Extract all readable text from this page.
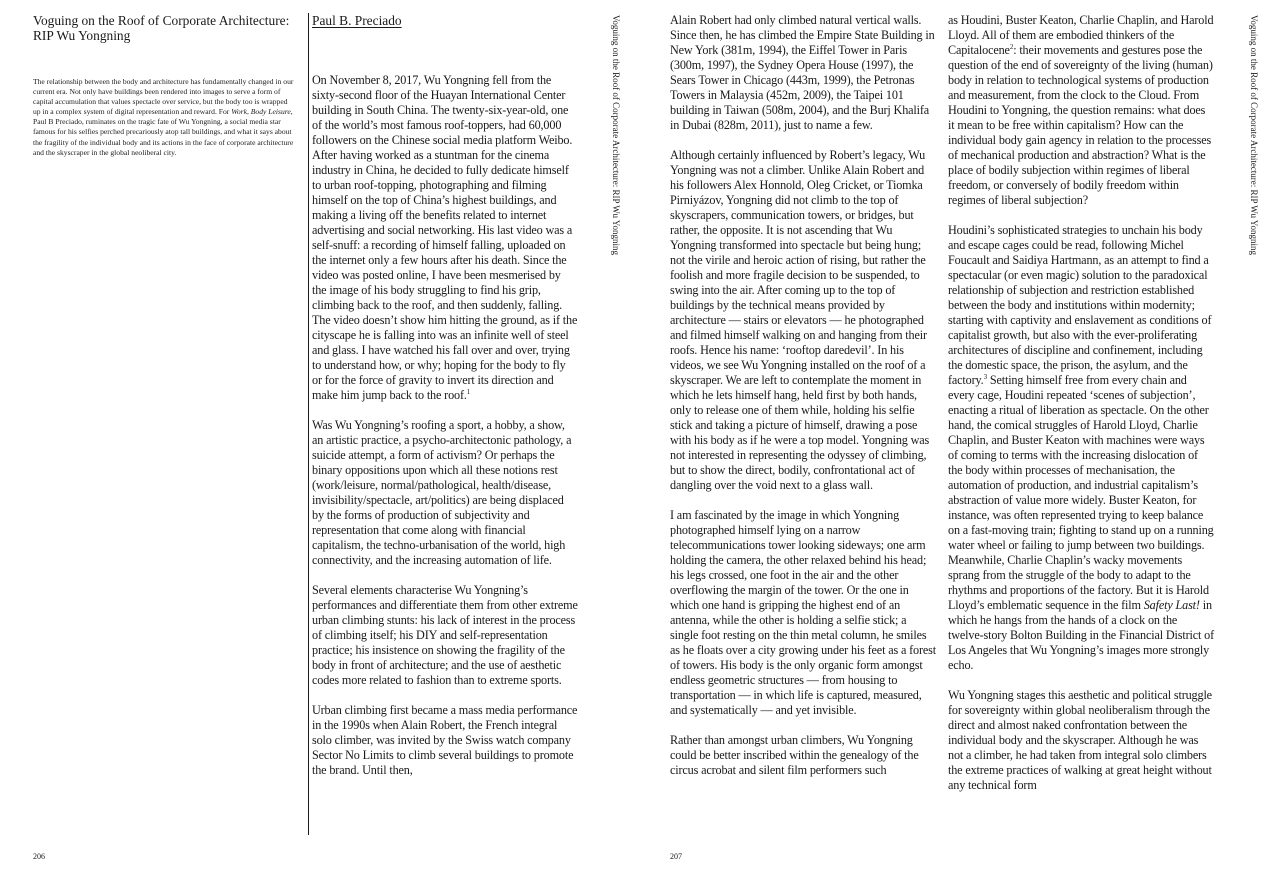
Voguing on the Roof of Corporate Architecture: RIP Wu Yongning
The relationship between the body and architecture has fundamentally changed in our current era. Not only have buildings been rendered into images to serve a form of capital accumulation that values spectacle over service, but the body too is wrapped up in a complex system of digital representation and reward. For Work, Body Leisure, Paul B Preciado, ruminates on the tragic fate of Wu Yongning, a social media star famous for his selfies perched precariously atop tall buildings, and what it says about the fragility of the individual body and its actions in the face of corporate architecture and the skyscraper in the global neoliberal city.
Paul B. Preciado

On November 8, 2017, Wu Yongning fell from the sixty-second floor of the Huayan International Center building in South China. The twenty-six-year-old, one of the world’s most famous roof-toppers, had 60,000 followers on the Chinese social media platform Weibo. After having worked as a stuntman for the cinema industry in China, he decided to fully dedicate himself to urban roof-topping, photographing and filming himself on the top of China’s highest buildings, and making a living off the benefits related to internet advertising and social networking. His last video was a self-snuff: a recording of himself falling, uploaded on the internet only a few hours after his death. Since the video was posted online, I have been mesmerised by the image of his body struggling to find his grip, climbing back to the roof, and then suddenly, falling. The video doesn’t show him hitting the ground, as if the cityscape he is falling into was an infinite well of steel and glass. I have watched his fall over and over, trying to understand how, or why; hoping for the body to fly or for the force of gravity to invert its direction and make him jump back to the roof.$^1$

Was Wu Yongning’s roofing a sport, a hobby, a show, an artistic practice, a psycho-architectonic pathology, a suicide attempt, a form of activism? Or perhaps the binary oppositions upon which all these notions rest (work/leisure, normal/pathological, health/disease, invisibility/spectacle, art/politics) are being displaced by the forms of production of subjectivity and representation that come along with financial capitalism, the techno-urbanisation of the world, high connectivity, and the increasing automation of life.

Several elements characterise Wu Yongning’s performances and differentiate them from other extreme urban climbing stunts: his lack of interest in the process of climbing itself; his DIY and self-representation practice; his insistence on showing the fragility of the body in front of architecture; and the use of aesthetic codes more related to fashion than to extreme sports.

Urban climbing first became a mass media performance in the 1990s when Alain Robert, the French integral solo climber, was invited by the Swiss watch company Sector No Limits to climb several buildings to promote the brand. Until then,

Voguing on the Roof of Corporate Architecture: RIP Wu Yongning
206

Alain Robert had only climbed natural vertical walls. Since then, he has climbed the Empire State Building in New York (381m, 1994), the Eiffel Tower in Paris (300m, 1997), the Sydney Opera House (1997), the Sears Tower in Chicago (443m, 1999), the Petronas Towers in Malaysia (452m, 2009), the Taipei 101 building in Taiwan (508m, 2004), and the Burj Khalifa in Dubai (828m, 2011), just to name a few.

Although certainly influenced by Robert’s legacy, Wu Yongning was not a climber. Unlike Alain Robert and his followers Alex Honnold, Oleg Cricket, or Tiomka Pirniyázov, Yongning did not climb to the top of skyscrapers, communication towers, or bridges, but rather, the opposite. It is not ascending that Wu Yongning transformed into spectacle but being hung; not the virile and heroic action of rising, but rather the foolish and more fragile decision to be suspended, to swing into the air. After coming up to the top of buildings by the technical means provided by architecture — stairs or elevators — he photographed and filmed himself walking on and hanging from their roofs. Hence his name: ‘rooftop daredevil’. In his videos, we see Wu Yongning installed on the roof of a skyscraper. We are left to contemplate the moment in which he lets himself hang, held first by both hands, only to release one of them while, holding his selfie stick and taking a picture of himself, drawing a pose with his body as if he were a top model. Yongning was not interested in representing the odyssey of climbing, but to show the direct, bodily, confrontational act of dangling over the void next to a glass wall.

I am fascinated by the image in which Yongning photographed himself lying on a narrow telecommunications tower looking sideways; one arm holding the camera, the other relaxed behind his head; his legs crossed, one foot in the air and the other overflowing the margin of the tower. Or the one in which one hand is gripping the highest end of an antenna, while the other is holding a selfie stick; a single foot resting on the thin metal column, he smiles as he floats over a city growing under his feet as a forest of towers. His body is the only organic form amongst endless geometric structures — from housing to transportation — in which life is captured, measured, and systematically — and yet invisible.

Rather than amongst urban climbers, Wu Yongning could be better inscribed within the genealogy of the circus acrobat and silent film performers such

as Houdini, Buster Keaton, Charlie Chaplin, and Harold Lloyd. All of them are embodied thinkers of the Capitalocene$^2$: their movements and gestures pose the question of the end of sovereignty of the living (human) body in relation to technological systems of production and measurement, from the clock to the Cloud. From Houdini to Yongning, the question remains: what does it mean to be free within capitalism? How can the individual body gain agency in relation to the processes of mechanical production and abstraction? What is the place of bodily subjection within regimes of liberal freedom, or conversely of bodily freedom within regimes of liberal subjection?

Houdini’s sophisticated strategies to unchain his body and escape cages could be read, following Michel Foucault and Saidiya Hartmann, as an attempt to find a spectacular (or even magic) solution to the paradoxical relationship of subjection and restriction established between the body and institutions within modernity; starting with captivity and enslavement as conditions of capitalist growth, but also with the ever-proliferating architectures of discipline and confinement, including the domestic space, the prison, the asylum, and the factory.$^3$ Setting himself free from every chain and every cage, Houdini repeated ‘scenes of subjection’, enacting a ritual of liberation as spectacle. On the other hand, the comical struggles of Harold Lloyd, Charlie Chaplin, and Buster Keaton with machines were ways of coming to terms with the increasing dislocation of the body within processes of mechanisation, the automation of production, and industrial capitalism’s abstraction of value more widely. Buster Keaton, for instance, was often represented trying to keep balance on a fast-moving train; fighting to stand up on a running water wheel or failing to jump between two buildings. Meanwhile, Charlie Chaplin’s wacky movements sprang from the struggle of the body to adapt to the rhythms and proportions of the factory. But it is Harold Lloyd’s emblematic sequence in the film Safety Last! in which he hangs from the hands of a clock on the twelve-story Bolton Building in the Financial District of Los Angeles that Wu Yongning’s images more strongly echo.

Wu Yongning stages this aesthetic and political struggle for sovereignty within global neoliberalism through the direct and almost naked confrontation between the individual body and the skyscraper. Although he was not a climber, he had taken from integral solo climbers the extreme practices of walking at great height without any technical form

Voguing on the Roof of Corporate Architecture: RIP Wu Yongning
207
